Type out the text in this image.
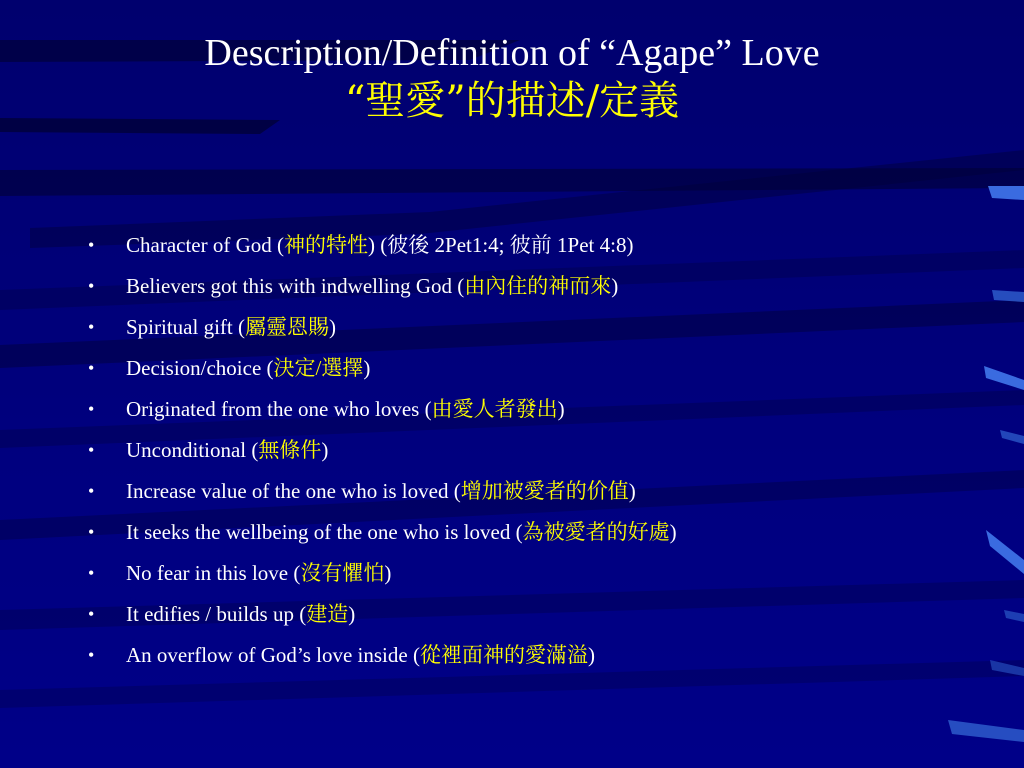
Description/Definition of “Agape” Love
“聖愛”的描述/定義
•	Character of God ( 神的特性 ) ( 彼後 2Pet1:4; 彼前 1Pet 4:8)
•	Believers got this with indwelling God ( 由內住的神而來 )
•	Spiritual gift ( 屬靈恩賜 )
•	Decision/choice ( 決定/選擇 )
•	Originated from the one who loves ( 由愛人者發出 )
•	Unconditional ( 無條件 )
•	Increase value of the one who is loved ( 增加被愛者的价值 )
•	It seeks the wellbeing of the one who is loved ( 為被愛者的好處 )
•	No fear in this love ( 沒有懼怕 )
•	It edifies / builds up ( 建造 )
•	An overflow of God’s love inside ( 從裡面神的愛滿溢 )
